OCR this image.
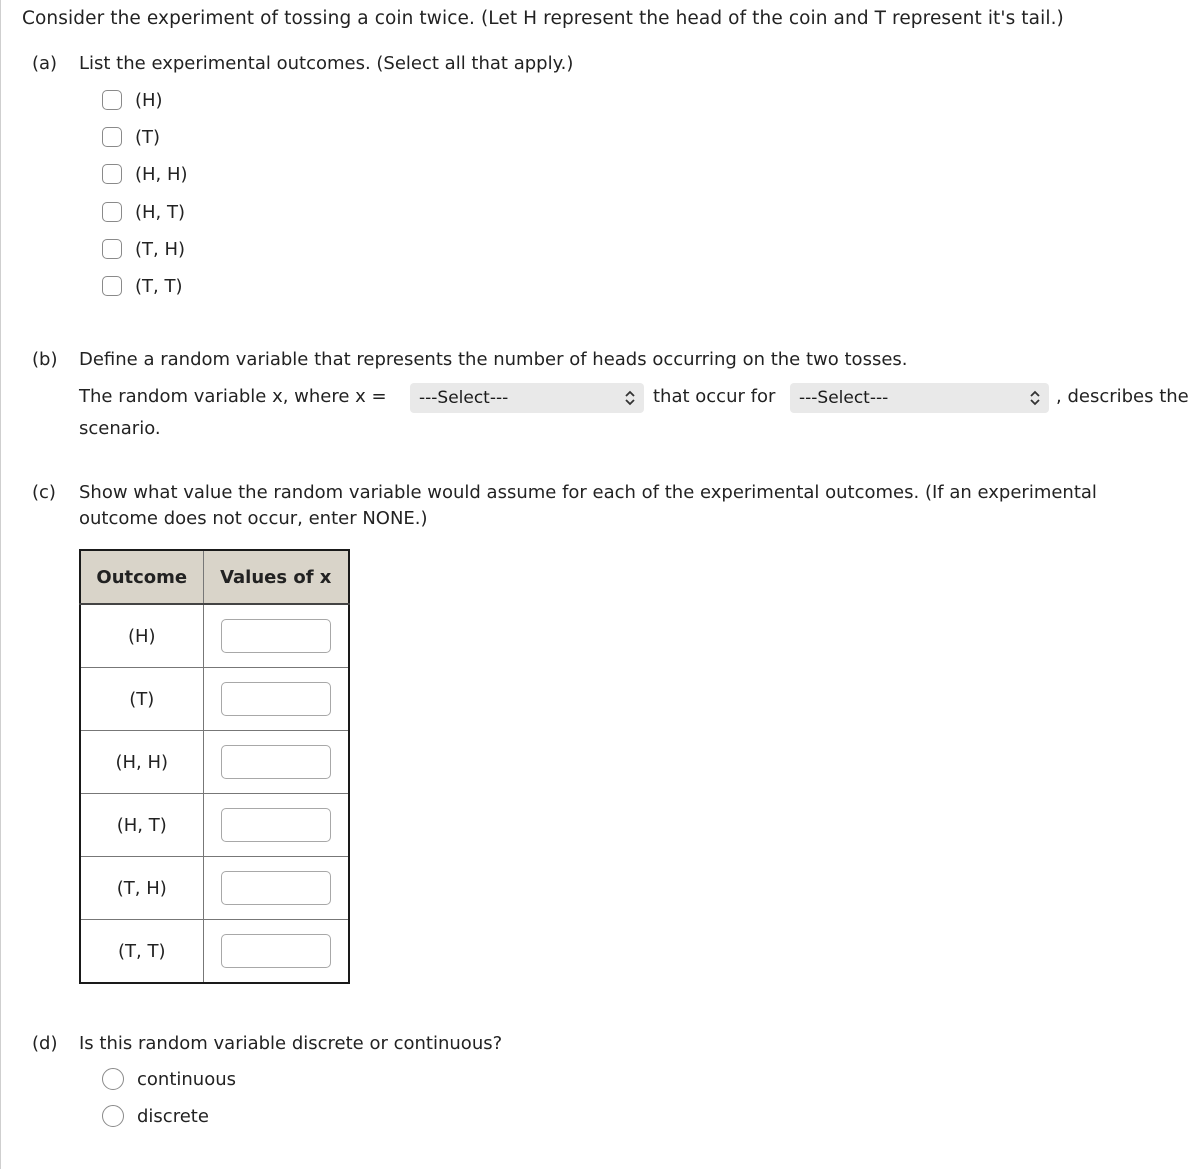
Consider the experiment of tossing a coin twice. (Let H represent the head of the coin and T represent it's tail.)
(a) List the experimental outcomes. (Select all that apply.)
(H)
(T)
(H, H)
(H, T)
(T, H)
(T, T)
(b) Define a random variable that represents the number of heads occurring on the two tosses.
The random variable x, where x = ---Select---	that occur for ---Select---	, describes the
scenario.
(c) Show what value the random variable would assume for each of the experimental outcomes. (If an experimental
outcome does not occur, enter NONE.)
Outcome	Values of x
(H)	

(T)	

(H, H)	

(H, T)	

(T, H)	

(T, T)	
(d) Is this random variable discrete or continuous?
continuous
discrete
